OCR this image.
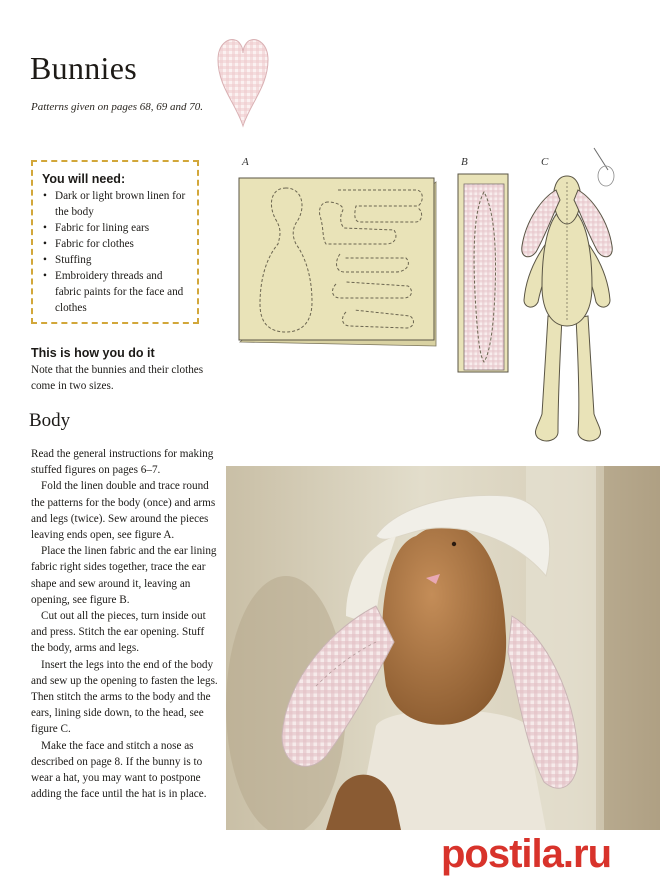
Bunnies
Patterns given on pages 68, 69 and 70.
You will need:
• Dark or light brown linen for the body
• Fabric for lining ears
• Fabric for clothes
• Stuffing
• Embroidery threads and fabric paints for the face and clothes
This is how you do it
Note that the bunnies and their clothes come in two sizes.
Body

Read the general instructions for making stuffed figures on pages 6–7.

Fold the linen double and trace round the patterns for the body (once) and arms and legs (twice). Sew around the pieces leaving ends open, see figure A.

Place the linen fabric and the ear lining fabric right sides together, trace the ear shape and sew around it, leaving an opening, see figure B.

Cut out all the pieces, turn inside out and press. Stitch the ear opening. Stuff the body, arms and legs.

Insert the legs into the end of the body and sew up the opening to fasten the legs. Then stitch the arms to the body and the ears, lining side down, to the head, see figure C.

Make the face and stitch a nose as described on page 8. If the bunny is to wear a hat, you may want to postpone adding the face until the hat is in place.

A	B	C
postila.ru
